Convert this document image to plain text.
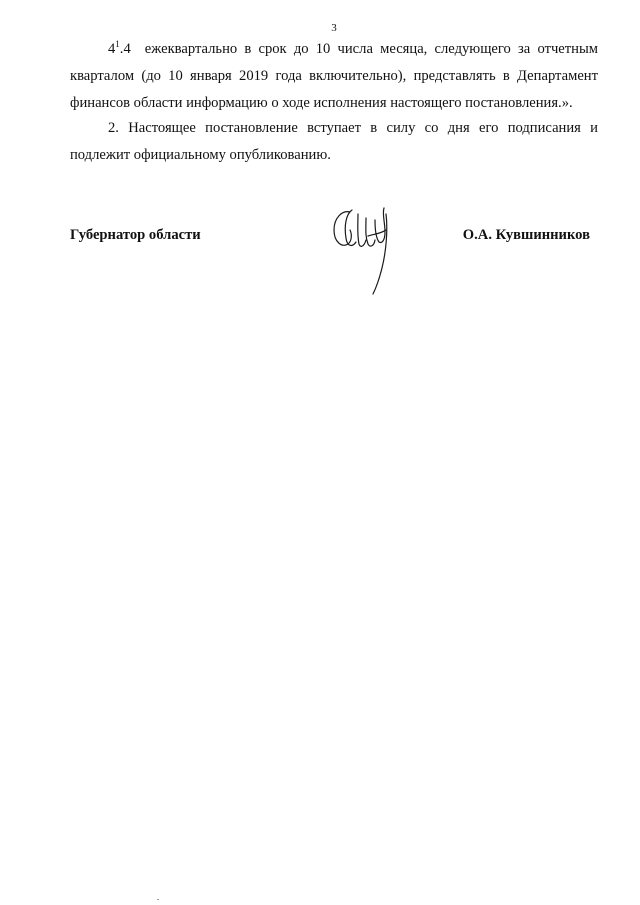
3

$4^1.4$ ежеквартально в срок до 10 числа месяца, следующего за отчетным кварталом (до 10 января 2019 года включительно), представлять в Департамент финансов области информацию о ходе исполнения настоящего постановления.».

2. Настоящее постановление вступает в силу со дня его подписания и подлежит официальному опубликованию.

Губернатор области	О.А. Кувшинников
